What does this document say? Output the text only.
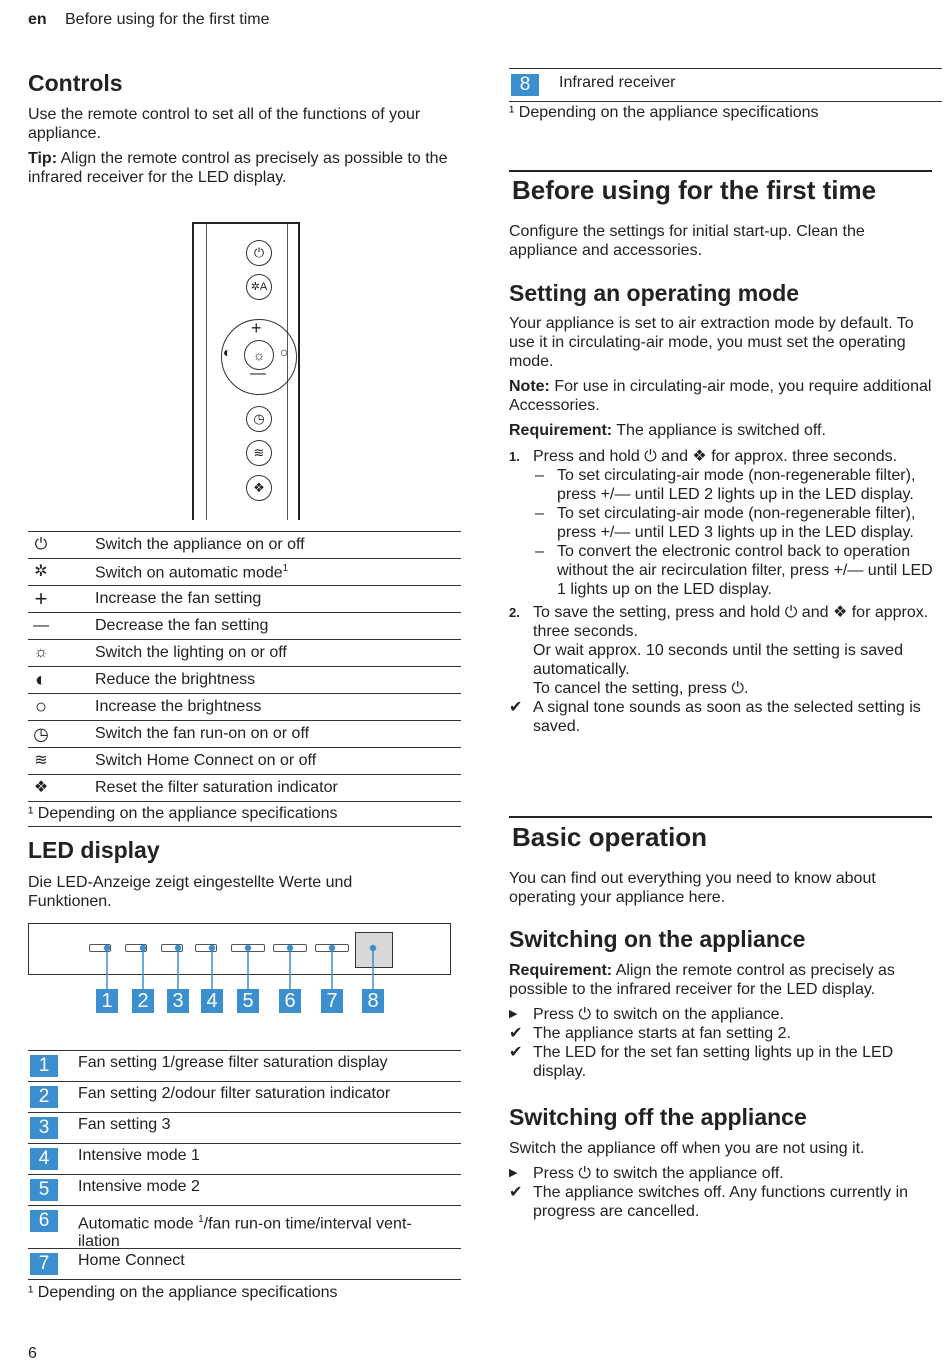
en Before using for the first time
Controls

Use the remote control to set all of the functions of your appliance.

Tip: Align the remote control as precisely as possible to the infrared receiver for the LED display.

⏻
✲A
+
—
◐	○
☼
◷
≋
❖
⏻	Switch the appliance on or off
✲	Switch on automatic mode$^1$
+	Increase the fan setting
—	Decrease the fan setting
☼	Switch the lighting on or off
◐	Reduce the brightness
○	Increase the brightness
◷	Switch the fan run-on on or off
≋	Switch Home Connect on or off
❖	Reset the filter saturation indicator
¹ Depending on the appliance specifications
LED display

Die LED-Anzeige zeigt eingestellte Werte und Funktionen.

1 2 3 4 5 6 7 8
1	Fan setting 1/grease filter saturation display
2	Fan setting 2/odour filter saturation indicator
3	Fan setting 3
4	Intensive mode 1
5	Intensive mode 2
6	Automatic mode $^1$/fan run-on time/interval vent-
ilation
7	Home Connect

¹ Depending on the appliance specifications

8	Infrared receiver

¹ Depending on the appliance specifications

Before using for the first time

Configure the settings for initial start-up. Clean the appliance and accessories.

Setting an operating mode

Your appliance is set to air extraction mode by default. To use it in circulating-air mode, you must set the operating mode.

Note: For use in circulating-air mode, you require additional Accessories.

Requirement: The appliance is switched off.

1. Press and hold ⏻ and ❖ for approx. three seconds.
– To set circulating-air mode (non-regenerable filter), press +/— until LED 2 lights up in the LED display.
– To set circulating-air mode (non-regenerable filter), press +/— until LED 3 lights up in the LED display.
– To convert the electronic control back to operation without the air recirculation filter, press +/— until LED 1 lights up on the LED display.
2. To save the setting, press and hold ⏻ and ❖ for approx. three seconds.
Or wait approx. 10 seconds until the setting is saved automatically.
To cancel the setting, press ⏻.
✔ A signal tone sounds as soon as the selected setting is saved.
Basic operation

You can find out everything you need to know about operating your appliance here.

Switching on the appliance

Requirement: Align the remote control as precisely as possible to the infrared receiver for the LED display.

▶ Press ⏻ to switch on the appliance.
✔ The appliance starts at fan setting 2.
✔ The LED for the set fan setting lights up in the LED display.
Switching off the appliance

Switch the appliance off when you are not using it.

▶ Press ⏻ to switch the appliance off.
✔ The appliance switches off. Any functions currently in progress are cancelled.
6
